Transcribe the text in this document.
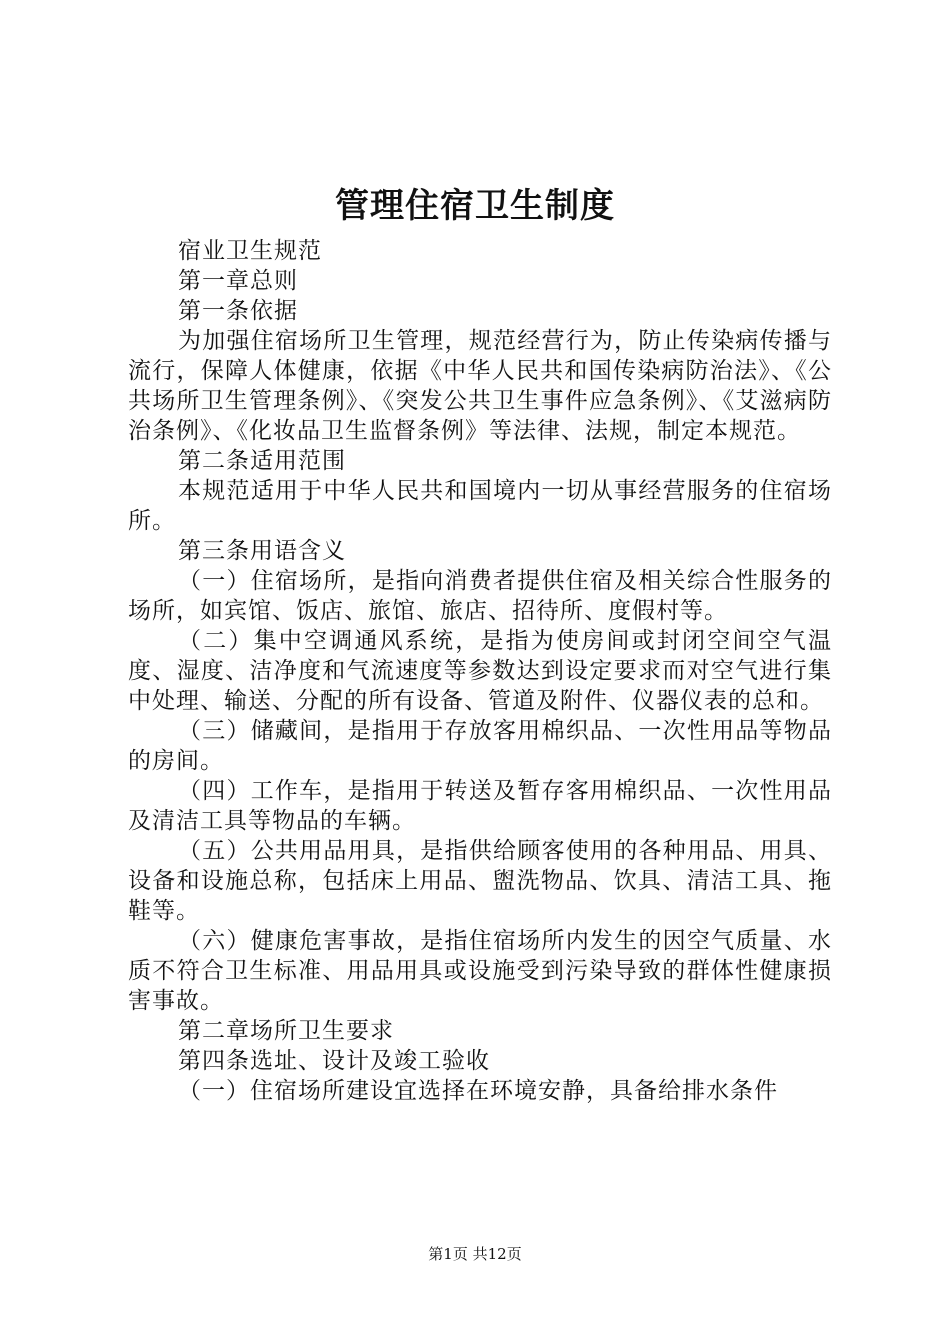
管理住宿卫生制度

宿业卫生规范

第一章总则

第一条依据

为加强住宿场所卫生管理，规范经营行为，防止传染病传播与流行，保障人体健康，依据《中华人民共和国传染病防治法》、《公共场所卫生管理条例》、《突发公共卫生事件应急条例》、《艾滋病防治条例》、《化妆品卫生监督条例》等法律、法规，制定本规范。

第二条适用范围

本规范适用于中华人民共和国境内一切从事经营服务的住宿场所。

第三条用语含义

（一）住宿场所，是指向消费者提供住宿及相关综合性服务的场所，如宾馆、饭店、旅馆、旅店、招待所、度假村等。

（二）集中空调通风系统，是指为使房间或封闭空间空气温度、湿度、洁净度和气流速度等参数达到设定要求而对空气进行集中处理、输送、分配的所有设备、管道及附件、仪器仪表的总和。

（三）储藏间，是指用于存放客用棉织品、一次性用品等物品的房间。

（四）工作车，是指用于转送及暂存客用棉织品、一次性用品及清洁工具等物品的车辆。

（五）公共用品用具，是指供给顾客使用的各种用品、用具、设备和设施总称，包括床上用品、盥洗物品、饮具、清洁工具、拖鞋等。

（六）健康危害事故，是指住宿场所内发生的因空气质量、水质不符合卫生标准、用品用具或设施受到污染导致的群体性健康损害事故。

第二章场所卫生要求

第四条选址、设计及竣工验收

（一）住宿场所建设宜选择在环境安静，具备给排水条件

第1页 共12页
